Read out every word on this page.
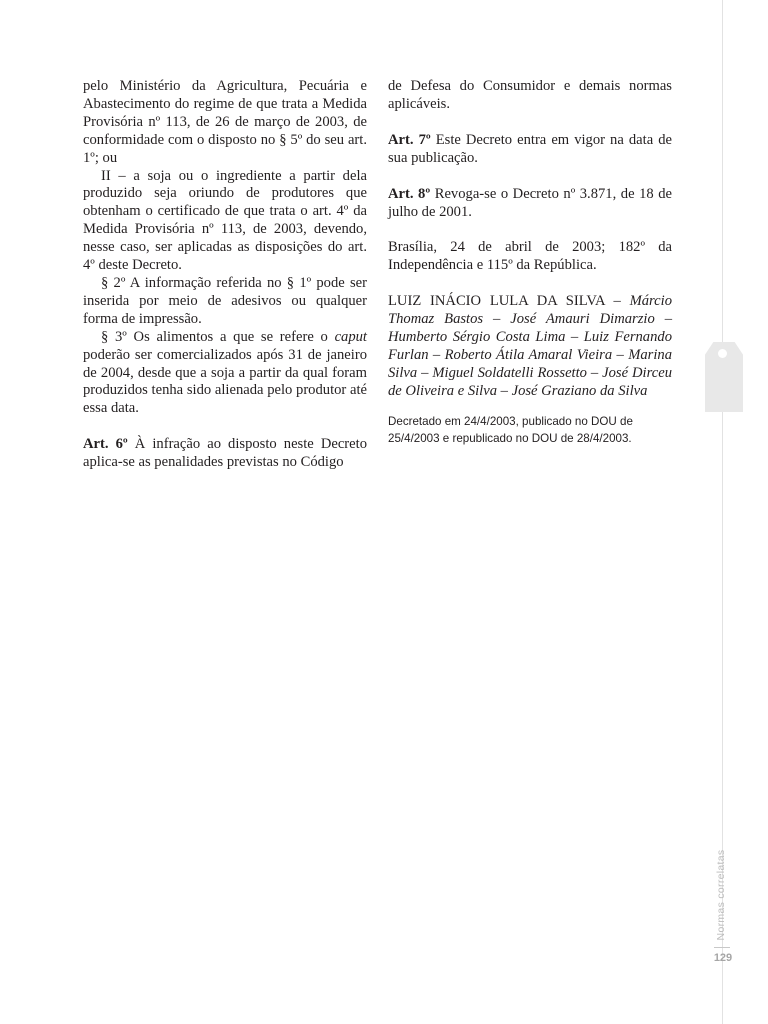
pelo Ministério da Agricultura, Pecuária e Abastecimento do regime de que trata a Medida Provisória nº 113, de 26 de março de 2003, de conformidade com o disposto no § 5º do seu art. 1º; ou

II – a soja ou o ingrediente a partir dela produzido seja oriundo de produtores que obtenham o certificado de que trata o art. 4º da Medida Provisória nº 113, de 2003, devendo, nesse caso, ser aplicadas as disposições do art. 4º deste Decreto.

§ 2º A informação referida no § 1º pode ser inserida por meio de adesivos ou qualquer forma de impressão.

§ 3º Os alimentos a que se refere o caput poderão ser comercializados após 31 de janeiro de 2004, desde que a soja a partir da qual foram produzidos tenha sido alienada pelo produtor até essa data.

Art. 6º À infração ao disposto neste Decreto aplica-se as penalidades previstas no Código

de Defesa do Consumidor e demais normas aplicáveis.

Art. 7º Este Decreto entra em vigor na data de sua publicação.

Art. 8º Revoga-se o Decreto nº 3.871, de 18 de julho de 2001.

Brasília, 24 de abril de 2003; 182º da Independência e 115º da República.

LUIZ INÁCIO LULA DA SILVA – Márcio Thomaz Bastos – José Amauri Dimarzio – Humberto Sérgio Costa Lima – Luiz Fernando Furlan – Roberto Átila Amaral Vieira – Marina Silva – Miguel Soldatelli Rossetto – José Dirceu de Oliveira e Silva – José Graziano da Silva

Decretado em 24/4/2003, publicado no DOU de 25/4/2003 e republicado no DOU de 28/4/2003.

Normas correlatas
129
